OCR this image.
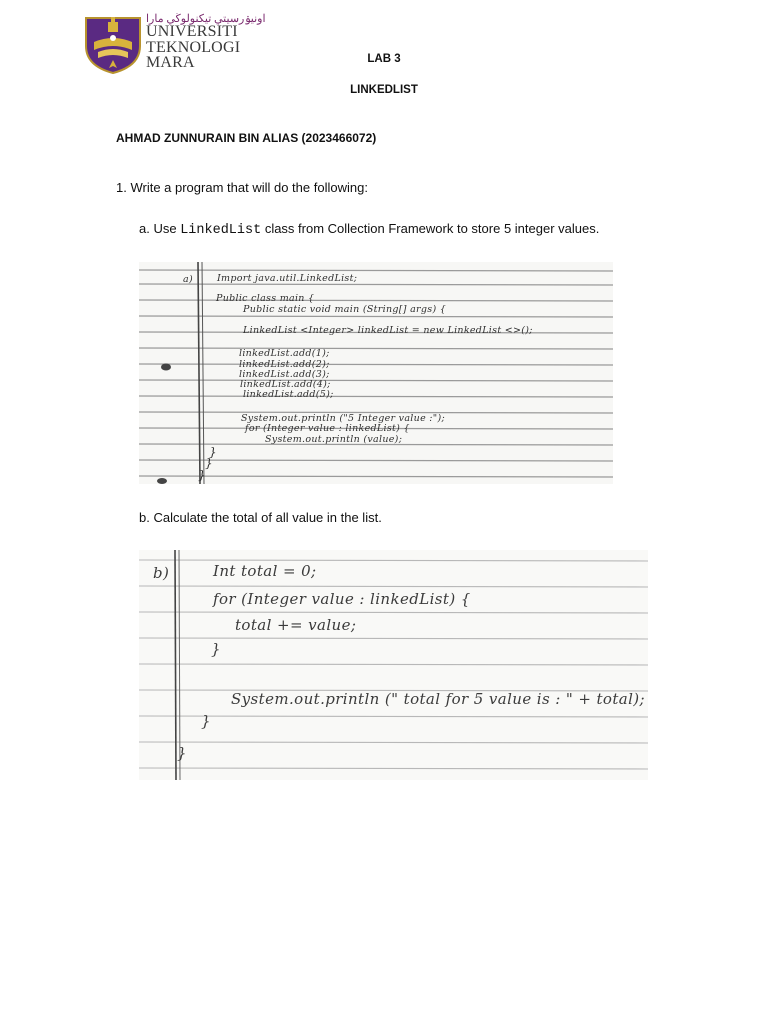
اونيۏرسيتي تيكنولوڬي مارا
UNIVERSITI
TEKNOLOGI
MARA	LAB 3
LINKEDLIST
AHMAD ZUNNURAIN BIN ALIAS (2023466072)
1. Write a program that will do the following:
a. Use LinkedList class from Collection Framework to store 5 integer values.
a)	Import java.util.LinkedList;
Public class main {
Public static void main (String[] args) {
LinkedList <Integer> linkedList = new LinkedList <>();
linkedList.add(1);
linkedList.add(2);
linkedList.add(3);
linkedList.add(4);
linkedList.add(5);
System.out.println ("5 Integer value :");
for (Integer value : linkedList) {
System.out.println (value);
}
}
}
b. Calculate the total of all value in the list.
b)	Int total = 0;
for (Integer value : linkedList) {
total += value;
}
System.out.println (" total for 5 value is : " + total);
}
}
